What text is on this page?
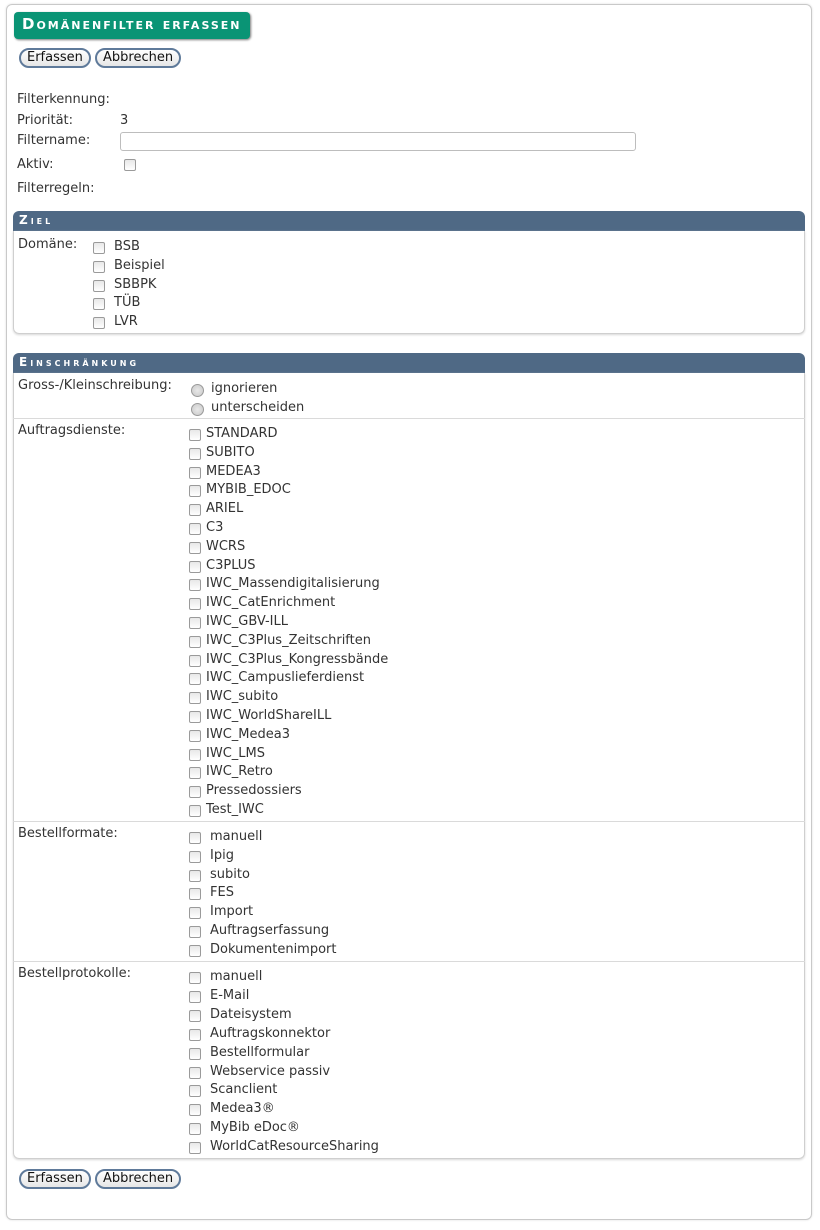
Domänenfilter erfassen
Erfassen	Abbrechen
Filterkennung:
Priorität:	3
Filtername:
Aktiv:
Filterregeln:
Ziel
Domäne:	BSB
Beispiel
SBBPK
TÜB
LVR
Einschränkung
Gross-/Kleinschreibung:	ignorieren
unterscheiden
Auftragsdienste:	STANDARD
SUBITO
MEDEA3
MYBIB_EDOC
ARIEL
C3
WCRS
C3PLUS
IWC_Massendigitalisierung
IWC_CatEnrichment
IWC_GBV-ILL
IWC_C3Plus_Zeitschriften
IWC_C3Plus_Kongressbände
IWC_Campuslieferdienst
IWC_subito
IWC_WorldShareILL
IWC_Medea3
IWC_LMS
IWC_Retro
Pressedossiers
Test_IWC
Bestellformate:	manuell
Ipig
subito
FES
Import
Auftragserfassung
Dokumentenimport
Bestellprotokolle:	manuell
E-Mail
Dateisystem
Auftragskonnektor
Bestellformular
Webservice passiv
Scanclient
Medea3®
MyBib eDoc®
WorldCatResourceSharing
Erfassen	Abbrechen
